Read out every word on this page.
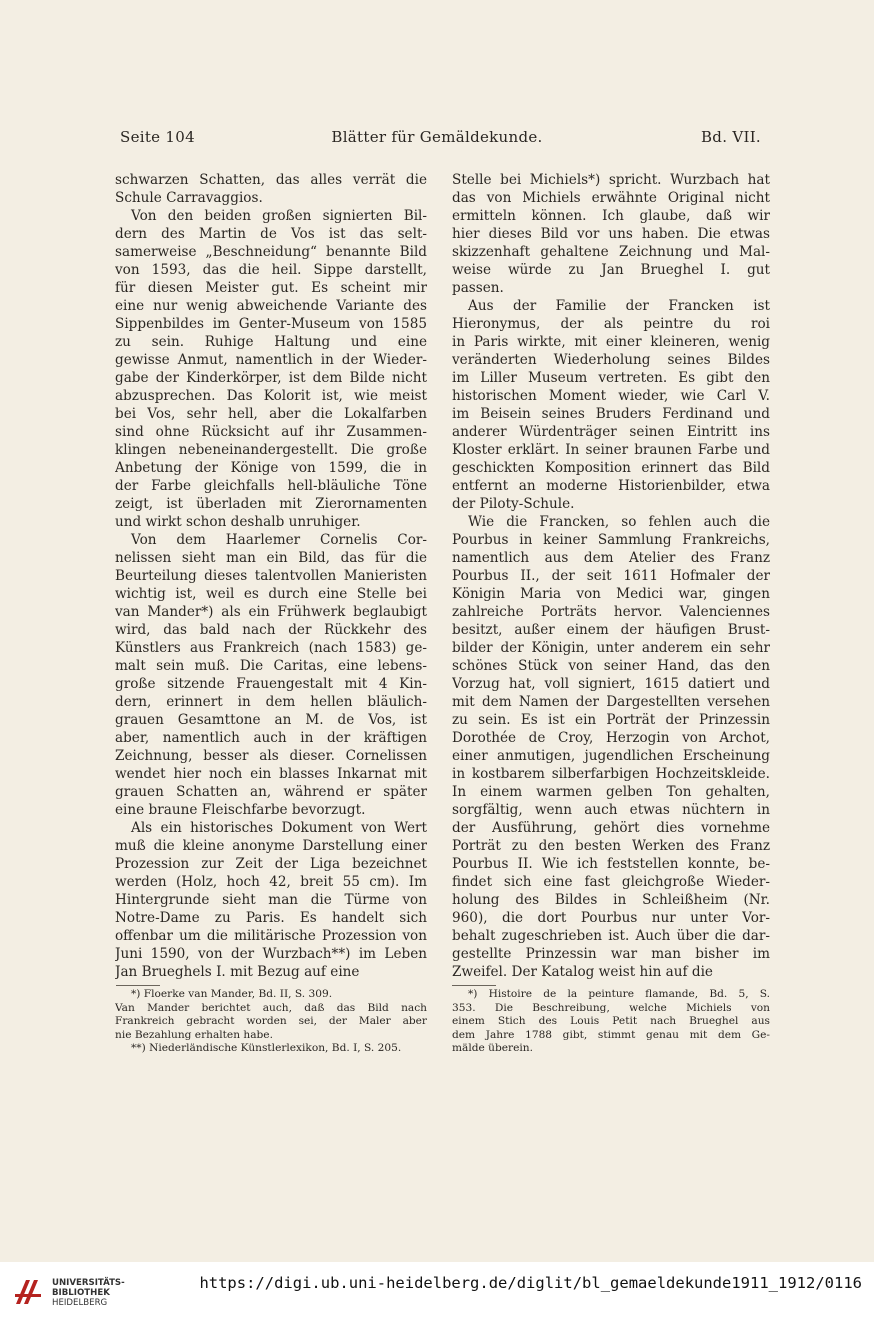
Seite 104	Blätter für Gemäldekunde.	Bd. VII.
schwarzen Schatten, das alles verrät die
Schule Carravaggios.
Von den beiden großen signierten Bil-
dern des Martin de Vos ist das selt-
samerweise „Beschneidung“ benannte Bild
von 1593, das die heil. Sippe darstellt,
für diesen Meister gut. Es scheint mir
eine nur wenig abweichende Variante des
Sippenbildes im Genter-Museum von 1585
zu sein. Ruhige Haltung und eine
gewisse Anmut, namentlich in der Wieder-
gabe der Kinderkörper, ist dem Bilde nicht
abzusprechen. Das Kolorit ist, wie meist
bei Vos, sehr hell, aber die Lokalfarben
sind ohne Rücksicht auf ihr Zusammen-
klingen nebeneinandergestellt. Die große
Anbetung der Könige von 1599, die in
der Farbe gleichfalls hell-bläuliche Töne
zeigt, ist überladen mit Zierornamenten
und wirkt schon deshalb unruhiger.
Von dem Haarlemer Cornelis Cor-
nelissen sieht man ein Bild, das für die
Beurteilung dieses talentvollen Manieristen
wichtig ist, weil es durch eine Stelle bei
van Mander*) als ein Frühwerk beglaubigt
wird, das bald nach der Rückkehr des
Künstlers aus Frankreich (nach 1583) ge-
malt sein muß. Die Caritas, eine lebens-
große sitzende Frauengestalt mit 4 Kin-
dern, erinnert in dem hellen bläulich-
grauen Gesamttone an M. de Vos, ist
aber, namentlich auch in der kräftigen
Zeichnung, besser als dieser. Cornelissen
wendet hier noch ein blasses Inkarnat mit
grauen Schatten an, während er später
eine braune Fleischfarbe bevorzugt.
Als ein historisches Dokument von Wert
muß die kleine anonyme Darstellung einer
Prozession zur Zeit der Liga bezeichnet
werden (Holz, hoch 42, breit 55 cm). Im
Hintergrunde sieht man die Türme von
Notre-Dame zu Paris. Es handelt sich
offenbar um die militärische Prozession von
Juni 1590, von der Wurzbach**) im Leben
Jan Brueghels I. mit Bezug auf eine
Stelle bei Michiels*) spricht. Wurzbach hat
das von Michiels erwähnte Original nicht
ermitteln können. Ich glaube, daß wir
hier dieses Bild vor uns haben. Die etwas
skizzenhaft gehaltene Zeichnung und Mal-
weise würde zu Jan Brueghel I. gut
passen.
Aus der Familie der Francken ist
Hieronymus, der als peintre du roi
in Paris wirkte, mit einer kleineren, wenig
veränderten Wiederholung seines Bildes
im Liller Museum vertreten. Es gibt den
historischen Moment wieder, wie Carl V.
im Beisein seines Bruders Ferdinand und
anderer Würdenträger seinen Eintritt ins
Kloster erklärt. In seiner braunen Farbe und
geschickten Komposition erinnert das Bild
entfernt an moderne Historienbilder, etwa
der Piloty-Schule.
Wie die Francken, so fehlen auch die
Pourbus in keiner Sammlung Frankreichs,
namentlich aus dem Atelier des Franz
Pourbus II., der seit 1611 Hofmaler der
Königin Maria von Medici war, gingen
zahlreiche Porträts hervor. Valenciennes
besitzt, außer einem der häufigen Brust-
bilder der Königin, unter anderem ein sehr
schönes Stück von seiner Hand, das den
Vorzug hat, voll signiert, 1615 datiert und
mit dem Namen der Dargestellten versehen
zu sein. Es ist ein Porträt der Prinzessin
Dorothée de Croy, Herzogin von Archot,
einer anmutigen, jugendlichen Erscheinung
in kostbarem silberfarbigen Hochzeitskleide.
In einem warmen gelben Ton gehalten,
sorgfältig, wenn auch etwas nüchtern in
der Ausführung, gehört dies vornehme
Porträt zu den besten Werken des Franz
Pourbus II. Wie ich feststellen konnte, be-
findet sich eine fast gleichgroße Wieder-
holung des Bildes in Schleißheim (Nr.
960), die dort Pourbus nur unter Vor-
behalt zugeschrieben ist. Auch über die dar-
gestellte Prinzessin war man bisher im
Zweifel. Der Katalog weist hin auf die
*) Floerke van Mander, Bd. II, S. 309.
Van Mander berichtet auch, daß das Bild nach
Frankreich gebracht worden sei, der Maler aber
nie Bezahlung erhalten habe.
**) Niederländische Künstlerlexikon, Bd. I, S. 205.
*) Histoire de la peinture flamande, Bd. 5, S.
353. Die Beschreibung, welche Michiels von
einem Stich des Louis Petit nach Brueghel aus
dem Jahre 1788 gibt, stimmt genau mit dem Ge-
mälde überein.
UNIVERSITÄTS-
BIBLIOTHEK
HEIDELBERG
https://digi.ub.uni-heidelberg.de/diglit/bl_gemaeldekunde1911_1912/0116
